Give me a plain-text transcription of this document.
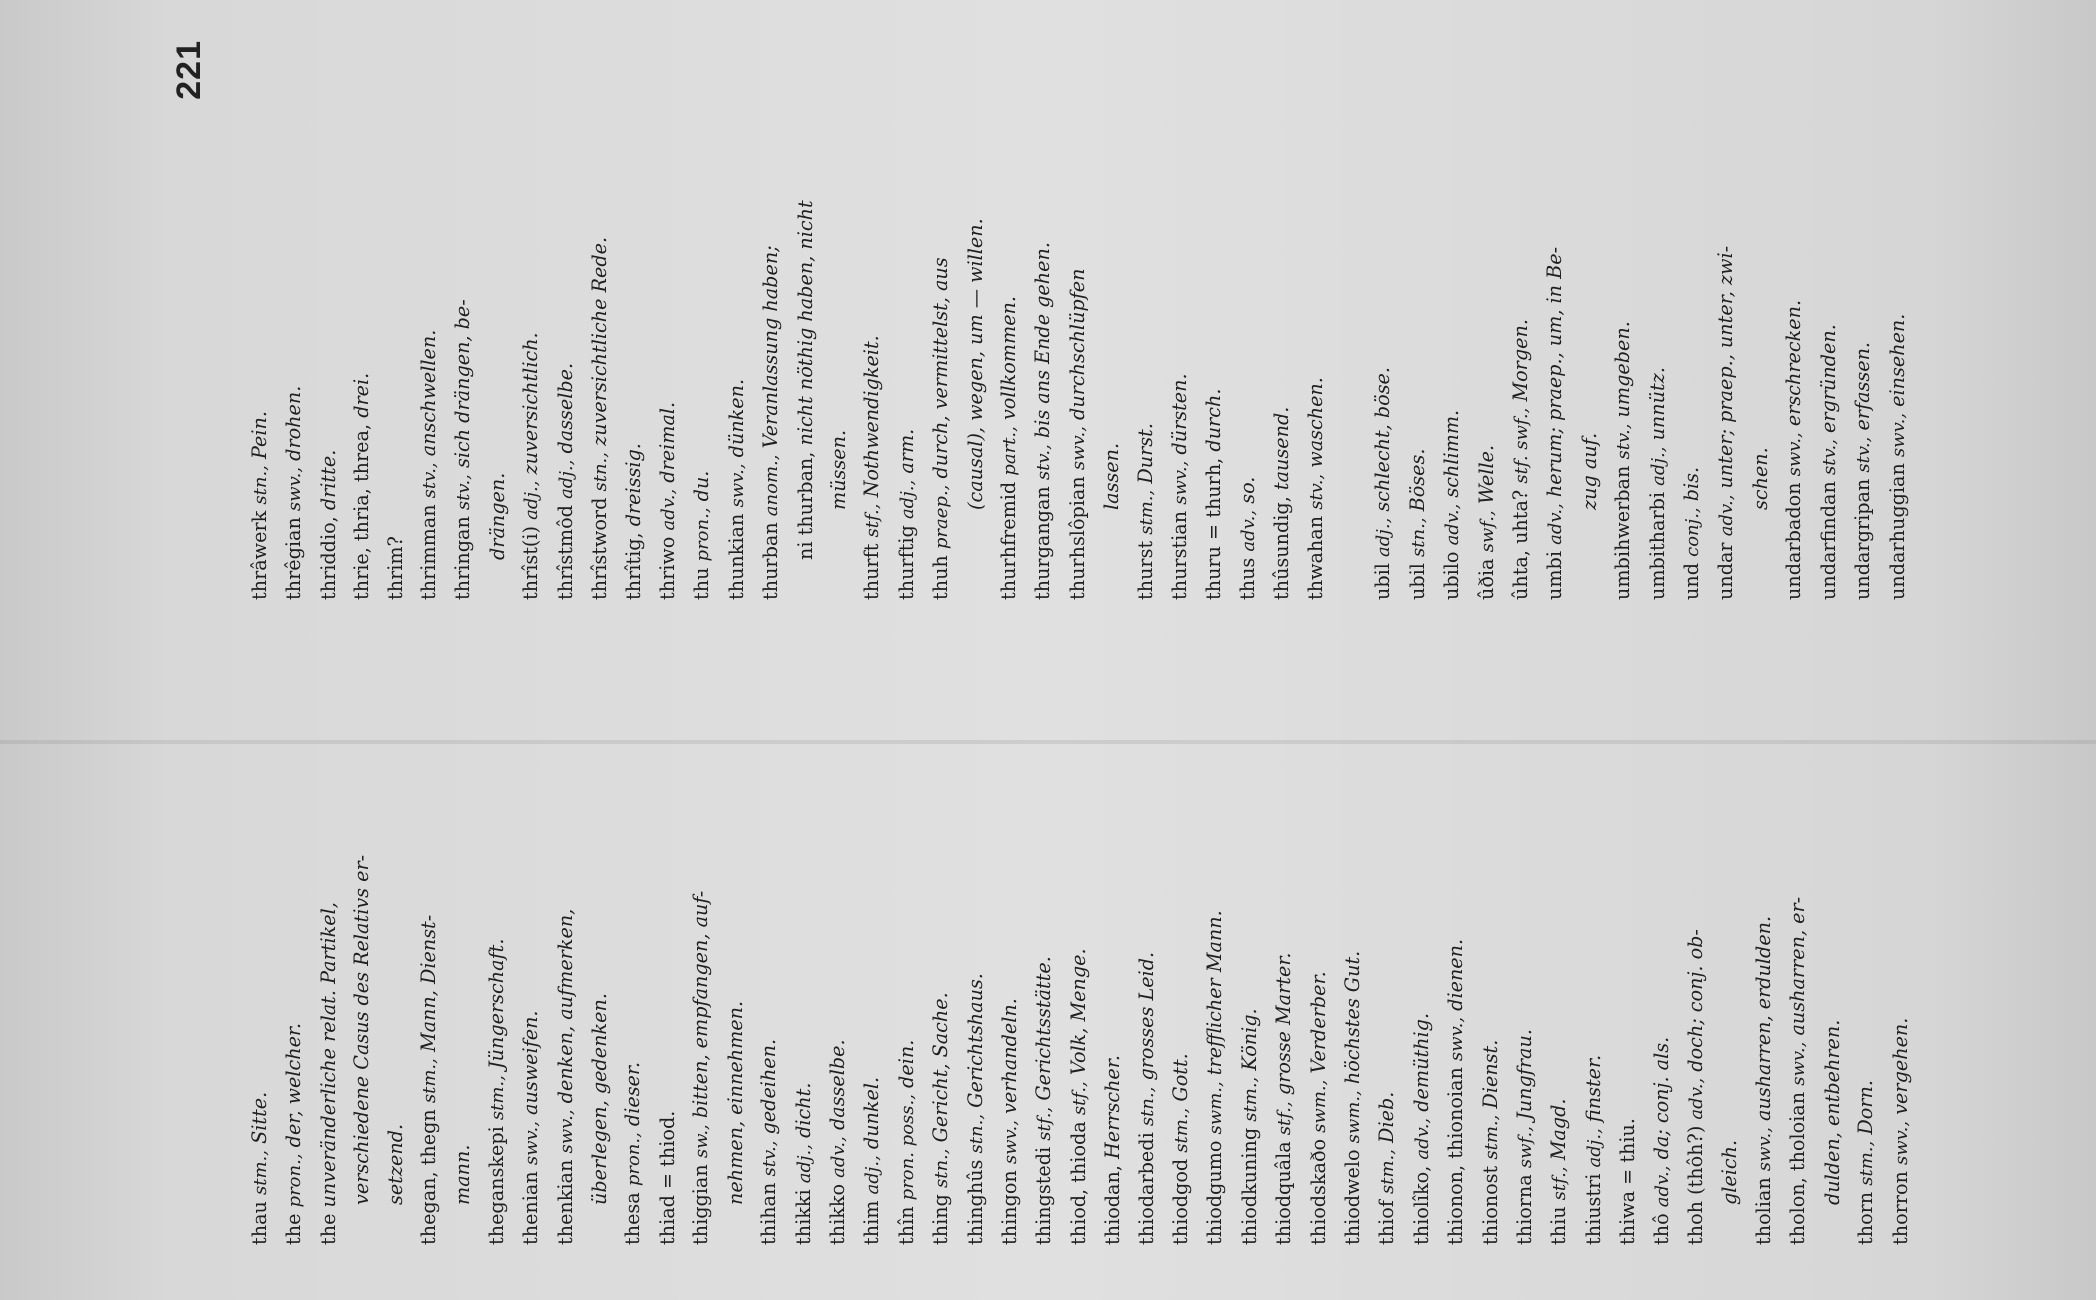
221
thau stm., Sitte.
the pron., der, welcher.
the unveränderliche relat. Partikel, verschiedene Casus des Relativs er- setzend. thegan, thegn stm., Mann, Dienst-
mann. theganskepi stm., Jüngerschaft.
thenian swv., ausweifen.
thenkian swv., denken, aufmerken, überlegen, gedenken.
thesa pron., dieser.
thiad = thiod. thiggian sw., bitten, empfangen, auf- nehmen, einnehmen.
thihan stv., gedeihen.
thikki adj., dicht.
thikko adv., dasselbe.
thim adj., dunkel.
thîn pron. poss., dein.
thing stn., Gericht, Sache.
thinghûs stn., Gerichtshaus.
thingon swv., verhandeln.
thingstedi stf., Gerichtsstätte.
thiod, thioda stf., Volk, Menge.
thiodan, Herrscher.
thiodarbedi stn., grosses Leid.
thiodgod stm., Gott.
thiodgumo swm., trefflicher Mann.
thiodkuning stm., König.
thiodquâla stf., grosse Marter.
thiodskaðo swm., Verderber.
thiodwelo swm., höchstes Gut.
thiof stm., Dieb.
thiolîko, adv., demüthig.
thionon, thionoian swv., dienen.
thionost stm., Dienst.
thiorna swf., Jungfrau.
thiu stf., Magd.
thiustri adj., finster.
thiwa = thiu. thô adv., da; conj. als.
thoh (thôh?) adv., doch; conj. ob-
gleich.
tholian swv., ausharren, erdulden.
tholon, tholoian swv., ausharren, er-
dulden, entbehren.
thorn stm., Dorn.
thorron swv., vergehen.
thrâwerk stn., Pein.
thrêgian swv., drohen.
thriddio, dritte. thrie, thria, threa, drei.
thrim? thrimman stv., anschwellen.
thringan stv., sich drängen, be-
drängen.
thrîst(i) adj., zuversichtlich.
thrîstmôd adj., dasselbe.
thrîstword stn., zuversichtliche Rede.
thrîtig, dreissig.
thriwo adv., dreimal.
thu pron., du.
thunkian swv., dünken.
thurban anom., Veranlassung haben;
ni thurban, nicht nöthig haben, nicht
müssen.
thurft stf., Nothwendigkeit.
thurftig adj., arm.
thuh praep., durch, vermittelst, aus (causal), wegen, um — willen.
thurhfremid part., vollkommen.
thurgangan stv., bis ans Ende gehen.
thurhslôpian swv., durchschlüpfen
lassen.
thurst stm., Durst.
thurstian swv., dürsten.
thuru = thurh, durch.
thus adv., so.
thûsundig, tausend.
thwahan stv., waschen.

ubil adj., schlecht, böse.
ubil stn., Böses.
ubilo adv., schlimm.
ûðia swf., Welle.
ûhta, uhta? stf. swf., Morgen.
umbi adv., herum; praep., um, in Be- zug auf. umbihwerban stv., umgeben.
umbitharbi adj., unnütz.
und conj., bis.
undar adv., unter; praep., unter, zwi- schen.
undarbadon swv., erschrecken.
undarfindan stv., ergründen.
undargripan stv., erfassen.
undarhuggian swv., einsehen.
